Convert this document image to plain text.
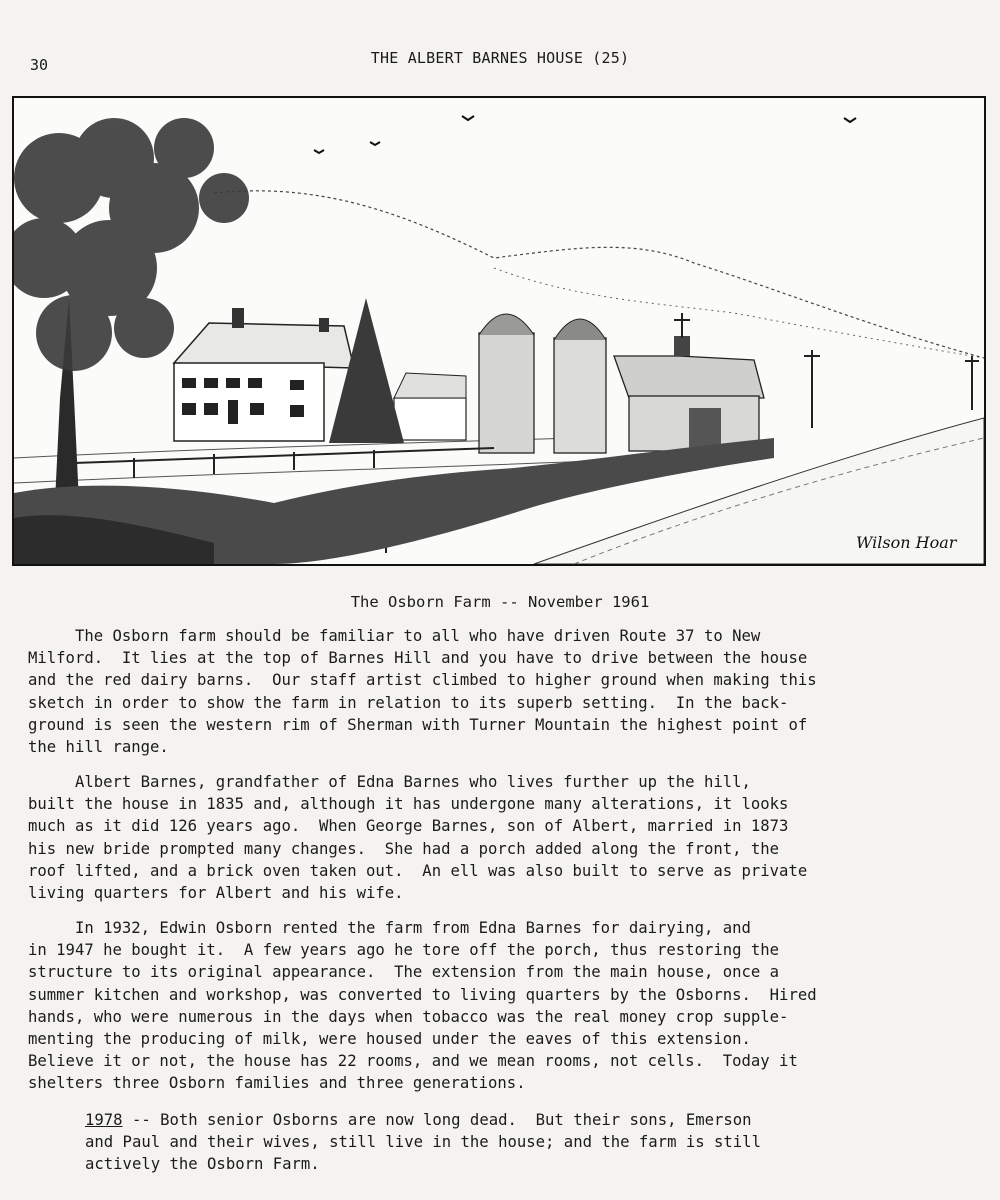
30	THE ALBERT BARNES HOUSE (25)
Wilson Hoar
The Osborn Farm -- November 1961
The Osborn farm should be familiar to all who have driven Route 37 to New
Milford.  It lies at the top of Barnes Hill and you have to drive between the house
and the red dairy barns.  Our staff artist climbed to higher ground when making this
sketch in order to show the farm in relation to its superb setting.  In the back-
ground is seen the western rim of Sherman with Turner Mountain the highest point of
the hill range.
Albert Barnes, grandfather of Edna Barnes who lives further up the hill,
built the house in 1835 and, although it has undergone many alterations, it looks
much as it did 126 years ago.  When George Barnes, son of Albert, married in 1873
his new bride prompted many changes.  She had a porch added along the front, the
roof lifted, and a brick oven taken out.  An ell was also built to serve as private
living quarters for Albert and his wife.
In 1932, Edwin Osborn rented the farm from Edna Barnes for dairying, and
in 1947 he bought it.  A few years ago he tore off the porch, thus restoring the
structure to its original appearance.  The extension from the main house, once a
summer kitchen and workshop, was converted to living quarters by the Osborns.  Hired
hands, who were numerous in the days when tobacco was the real money crop supple-
menting the producing of milk, were housed under the eaves of this extension.
Believe it or not, the house has 22 rooms, and we mean rooms, not cells.  Today it
shelters three Osborn families and three generations.
1978 -- Both senior Osborns are now long dead.  But their sons, Emerson
and Paul and their wives, still live in the house; and the farm is still
actively the Osborn Farm.
